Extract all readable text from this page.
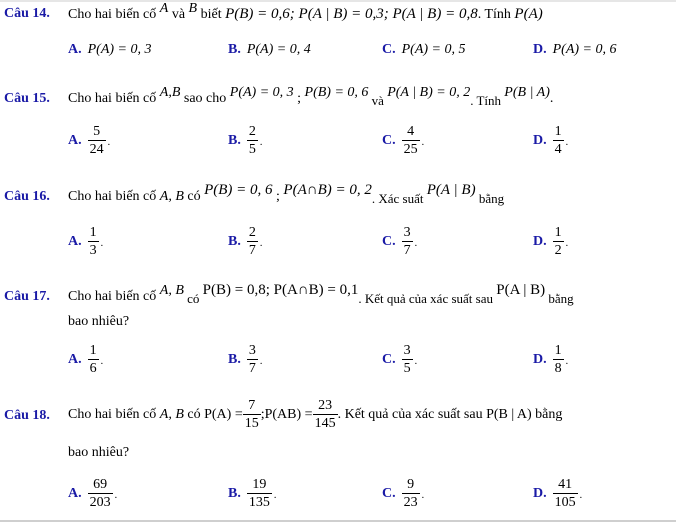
Câu 14. Cho hai biến cố A và B biết P(B) = 0,6; P(A | B) = 0,3; P(A | B) = 0,8. Tính P(A)
A. P(A) = 0, 3	B. P(A) = 0, 4	C. P(A) = 0, 5	D. P(A) = 0, 6
Câu 15. Cho hai biến cố A,B sao cho P(A) = 0, 3 ; P(B) = 0, 6 và P(A | B) = 0, 2. Tính P(B | A).
A. $\frac{5}{24}$ .	B. $\frac{2}{5}$ .	C. $\frac{4}{25}$ .	D. $\frac{1}{4}$ .
Câu 16. Cho hai biến cố A, B có P(B) = 0, 6 ; P(A∩B) = 0, 2. Xác suất P(A | B) bằng
A. $\frac{1}{3}$ .	B. $\frac{2}{7}$ .	C. $\frac{3}{7}$ .	D. $\frac{1}{2}$ .
Câu 17. Cho hai biến cố A, B có P(B) = 0,8; P(A∩B) = 0,1. Kết quả của xác suất sau P(A | B) bằng
bao nhiêu?
A. $\frac{1}{6}$ .	B. $\frac{3}{7}$ .	C. $\frac{3}{5}$ .	D. $\frac{1}{8}$ .
Câu 18. Cho hai biến cố
A, B
có
$P(A) = \frac{7}{15}$ ; $P(AB) = \frac{23}{145}$ . Kết quả của xác suất sau
P(B | A)
bằng
bao nhiêu?
A. $\frac{69}{203}$ .	B. $\frac{19}{135}$ .	C. $\frac{9}{23}$ .	D. $\frac{41}{105}$ .
